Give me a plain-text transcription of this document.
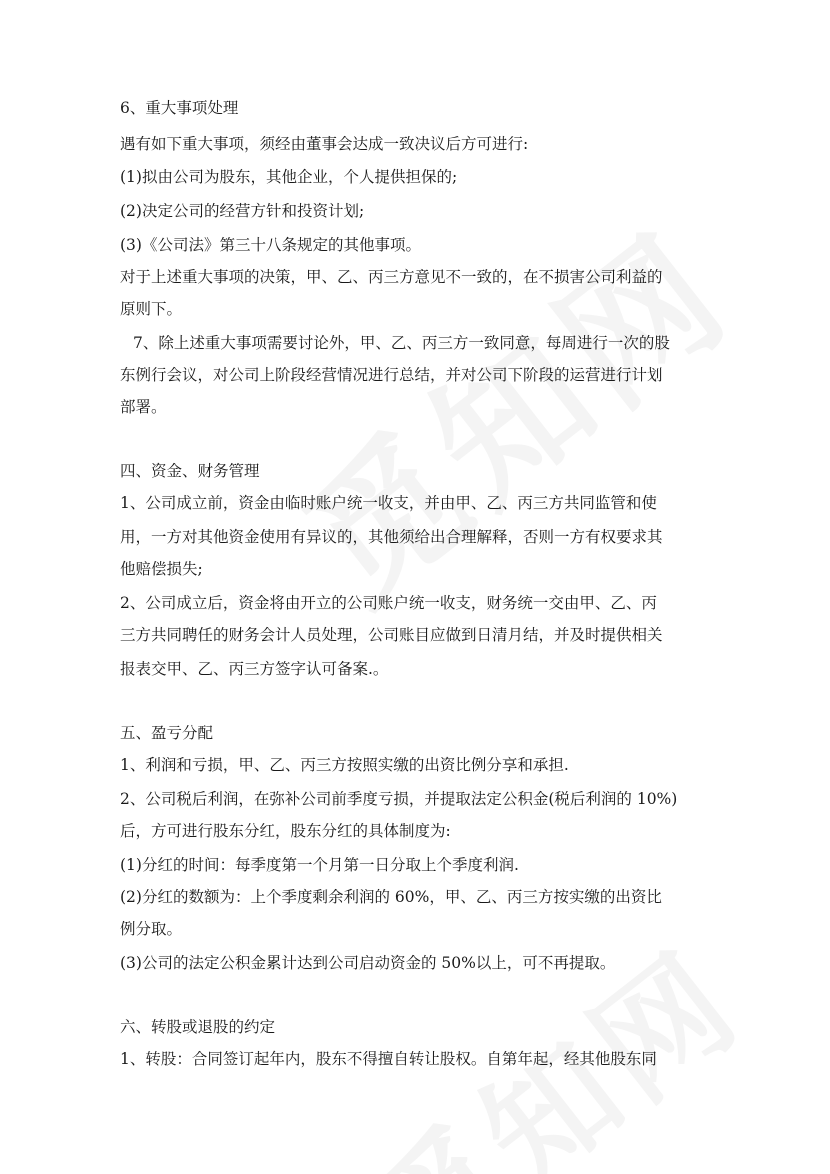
6、重大事项处理
遇有如下重大事项，须经由董事会达成一致决议后方可进行:
(1)拟由公司为股东，其他企业，个人提供担保的;
(2)决定公司的经营方针和投资计划;
(3)《公司法》第三十八条规定的其他事项。
对于上述重大事项的决策，甲、乙、丙三方意见不一致的，在不损害公司利益的
原则下。
7、除上述重大事项需要讨论外，甲、乙、丙三方一致同意，每周进行一次的股
东例行会议，对公司上阶段经营情况进行总结，并对公司下阶段的运营进行计划
部署。
四、资金、财务管理
1、公司成立前，资金由临时账户统一收支，并由甲、乙、丙三方共同监管和使
用，一方对其他资金使用有异议的，其他须给出合理解释，否则一方有权要求其
他赔偿损失;
2、公司成立后，资金将由开立的公司账户统一收支，财务统一交由甲、乙、丙
三方共同聘任的财务会计人员处理，公司账目应做到日清月结，并及时提供相关
报表交甲、乙、丙三方签字认可备案.。
五、盈亏分配
1、利润和亏损，甲、乙、丙三方按照实缴的出资比例分享和承担.
2、公司税后利润，在弥补公司前季度亏损，并提取法定公积金(税后利润的 10%)
后，方可进行股东分红，股东分红的具体制度为:
(1)分红的时间：每季度第一个月第一日分取上个季度利润.
(2)分红的数额为：上个季度剩余利润的 60%，甲、乙、丙三方按实缴的出资比
例分取。
(3)公司的法定公积金累计达到公司启动资金的 50%以上，可不再提取。
六、转股或退股的约定
1、转股：合同签订起年内，股东不得擅自转让股权。自第年起，经其他股东同
